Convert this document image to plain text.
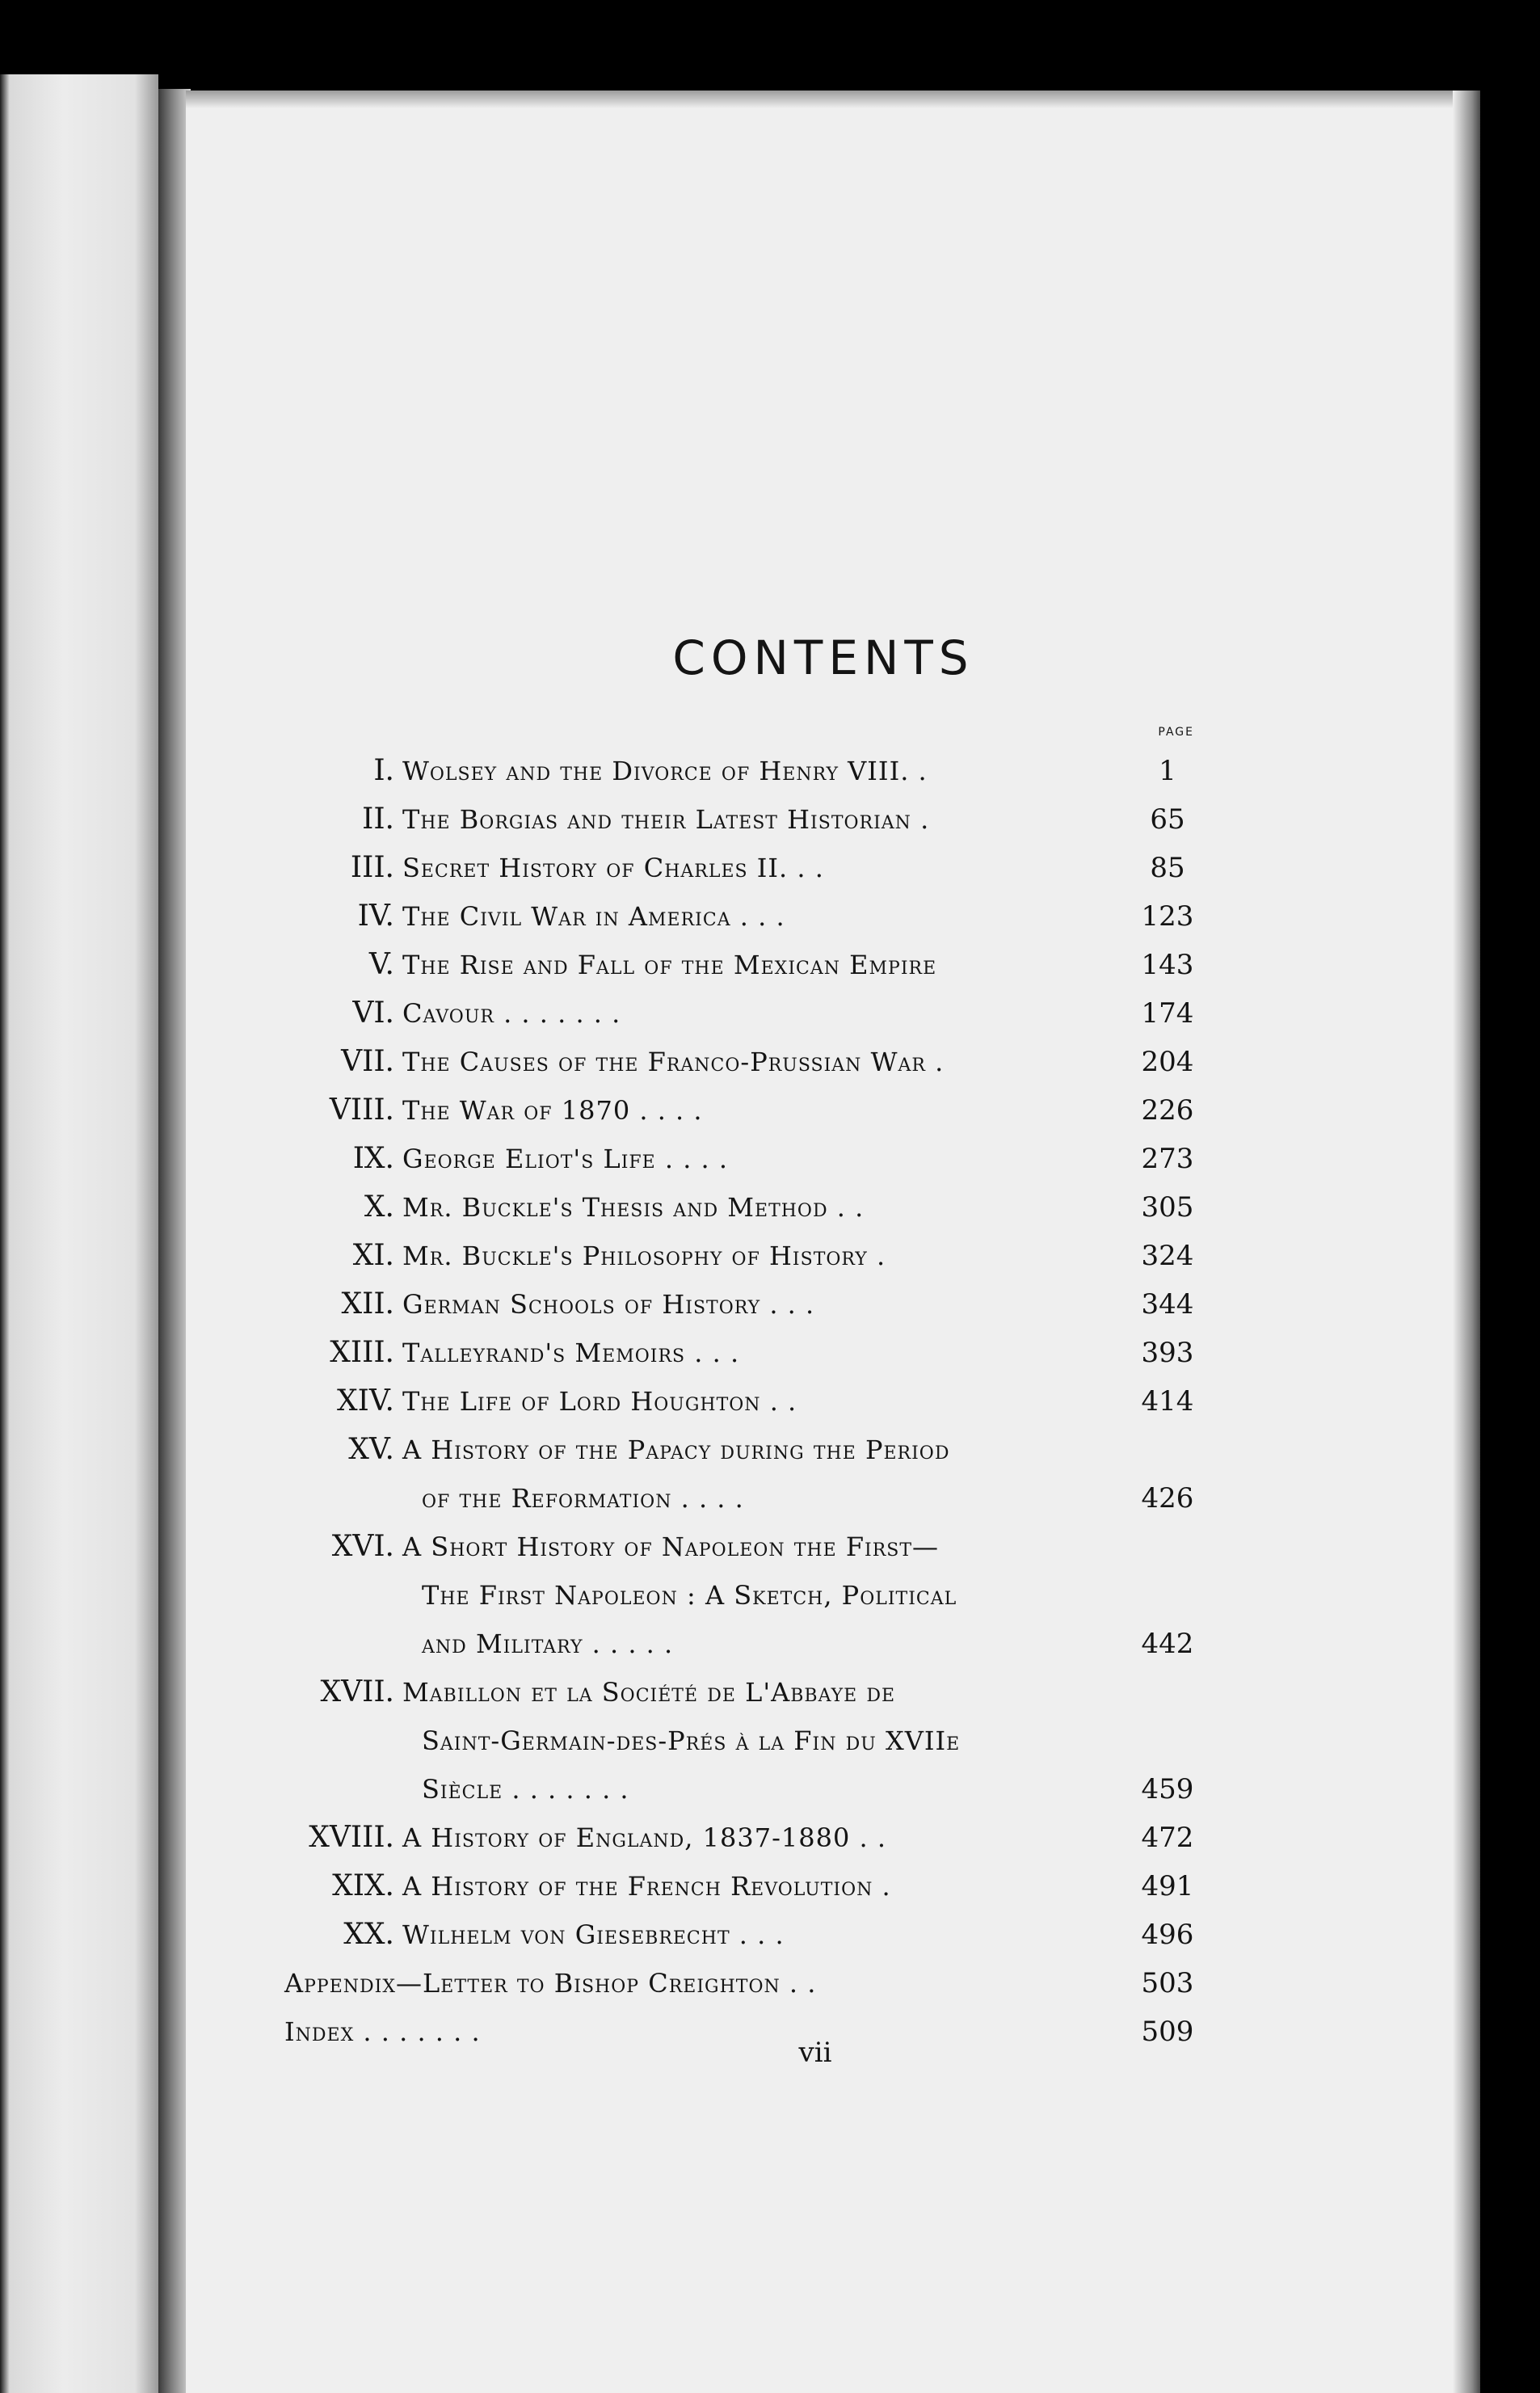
CONTENTS
PAGE
I. Wolsey and the Divorce of Henry VIII. .	1
II. The Borgias and their Latest Historian .	65
III. Secret History of Charles II. . .	85
IV. The Civil War in America . . .	123
V. The Rise and Fall of the Mexican Empire	143
VI. Cavour . . . . . . .	174
VII. The Causes of the Franco-Prussian War .	204
VIII. The War of 1870 . . . .	226
IX. George Eliot's Life . . . .	273
X. Mr. Buckle's Thesis and Method . .	305
XI. Mr. Buckle's Philosophy of History .	324
XII. German Schools of History . . .	344
XIII. Talleyrand's Memoirs . . .	393
XIV. The Life of Lord Houghton . .	414
XV. A History of the Papacy during the Period
of the Reformation . . . .	426
XVI. A Short History of Napoleon the First—
The First Napoleon : A Sketch, Political
and Military . . . . .	442
XVII. Mabillon et la Société de L'Abbaye de
Saint-Germain-des-Prés à la Fin du XVIIe
Siècle . . . . . . .	459
XVIII. A History of England, 1837-1880 . .	472
XIX. A History of the French Revolution .	491
XX. Wilhelm von Giesebrecht . . .	496
Appendix—Letter to Bishop Creighton . .	503
Index . . . . . . .	509
vii
